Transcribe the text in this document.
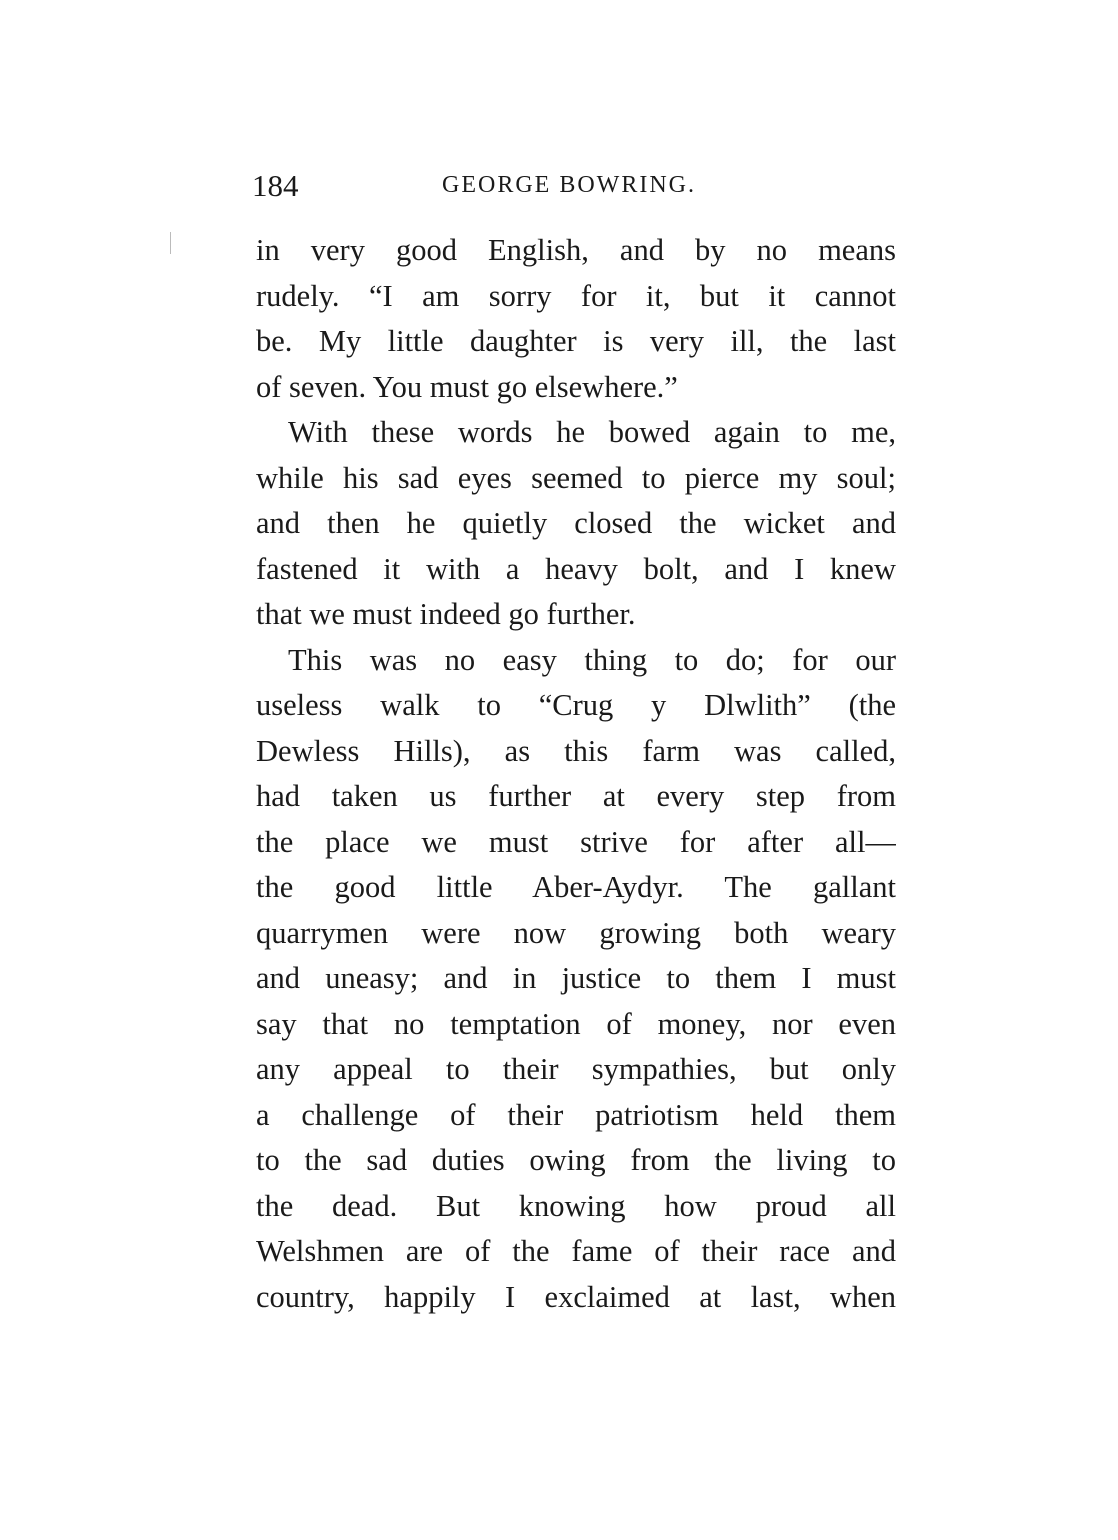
184	GEORGE BOWRING.
in very good English, and by no means
rudely. “I am sorry for it, but it cannot
be. My little daughter is very ill, the last
of seven. You must go elsewhere.”
With these words he bowed again to me,
while his sad eyes seemed to pierce my soul;
and then he quietly closed the wicket and
fastened it with a heavy bolt, and I knew
that we must indeed go further.
This was no easy thing to do; for our
useless walk to “Crug y Dlwlith” (the
Dewless Hills), as this farm was called,
had taken us further at every step from
the place we must strive for after all—
the good little Aber-Aydyr. The gallant
quarrymen were now growing both weary
and uneasy; and in justice to them I must
say that no temptation of money, nor even
any appeal to their sympathies, but only
a challenge of their patriotism held them
to the sad duties owing from the living to
the dead. But knowing how proud all
Welshmen are of the fame of their race and
country, happily I exclaimed at last, when
